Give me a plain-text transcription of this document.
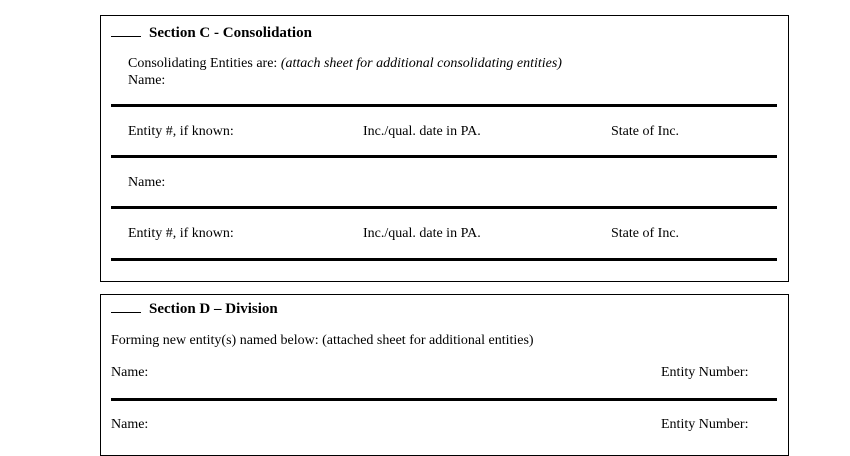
Section C - Consolidation
Consolidating Entities are: (attach sheet for additional consolidating entities)
Name:
Entity #, if known:	Inc./qual. date in PA.	State of Inc.
Name:
Entity #, if known:	Inc./qual. date in PA.	State of Inc.
Section D – Division
Forming new entity(s) named below: (attached sheet for additional entities)
Name:	Entity Number:
Name:	Entity Number:
